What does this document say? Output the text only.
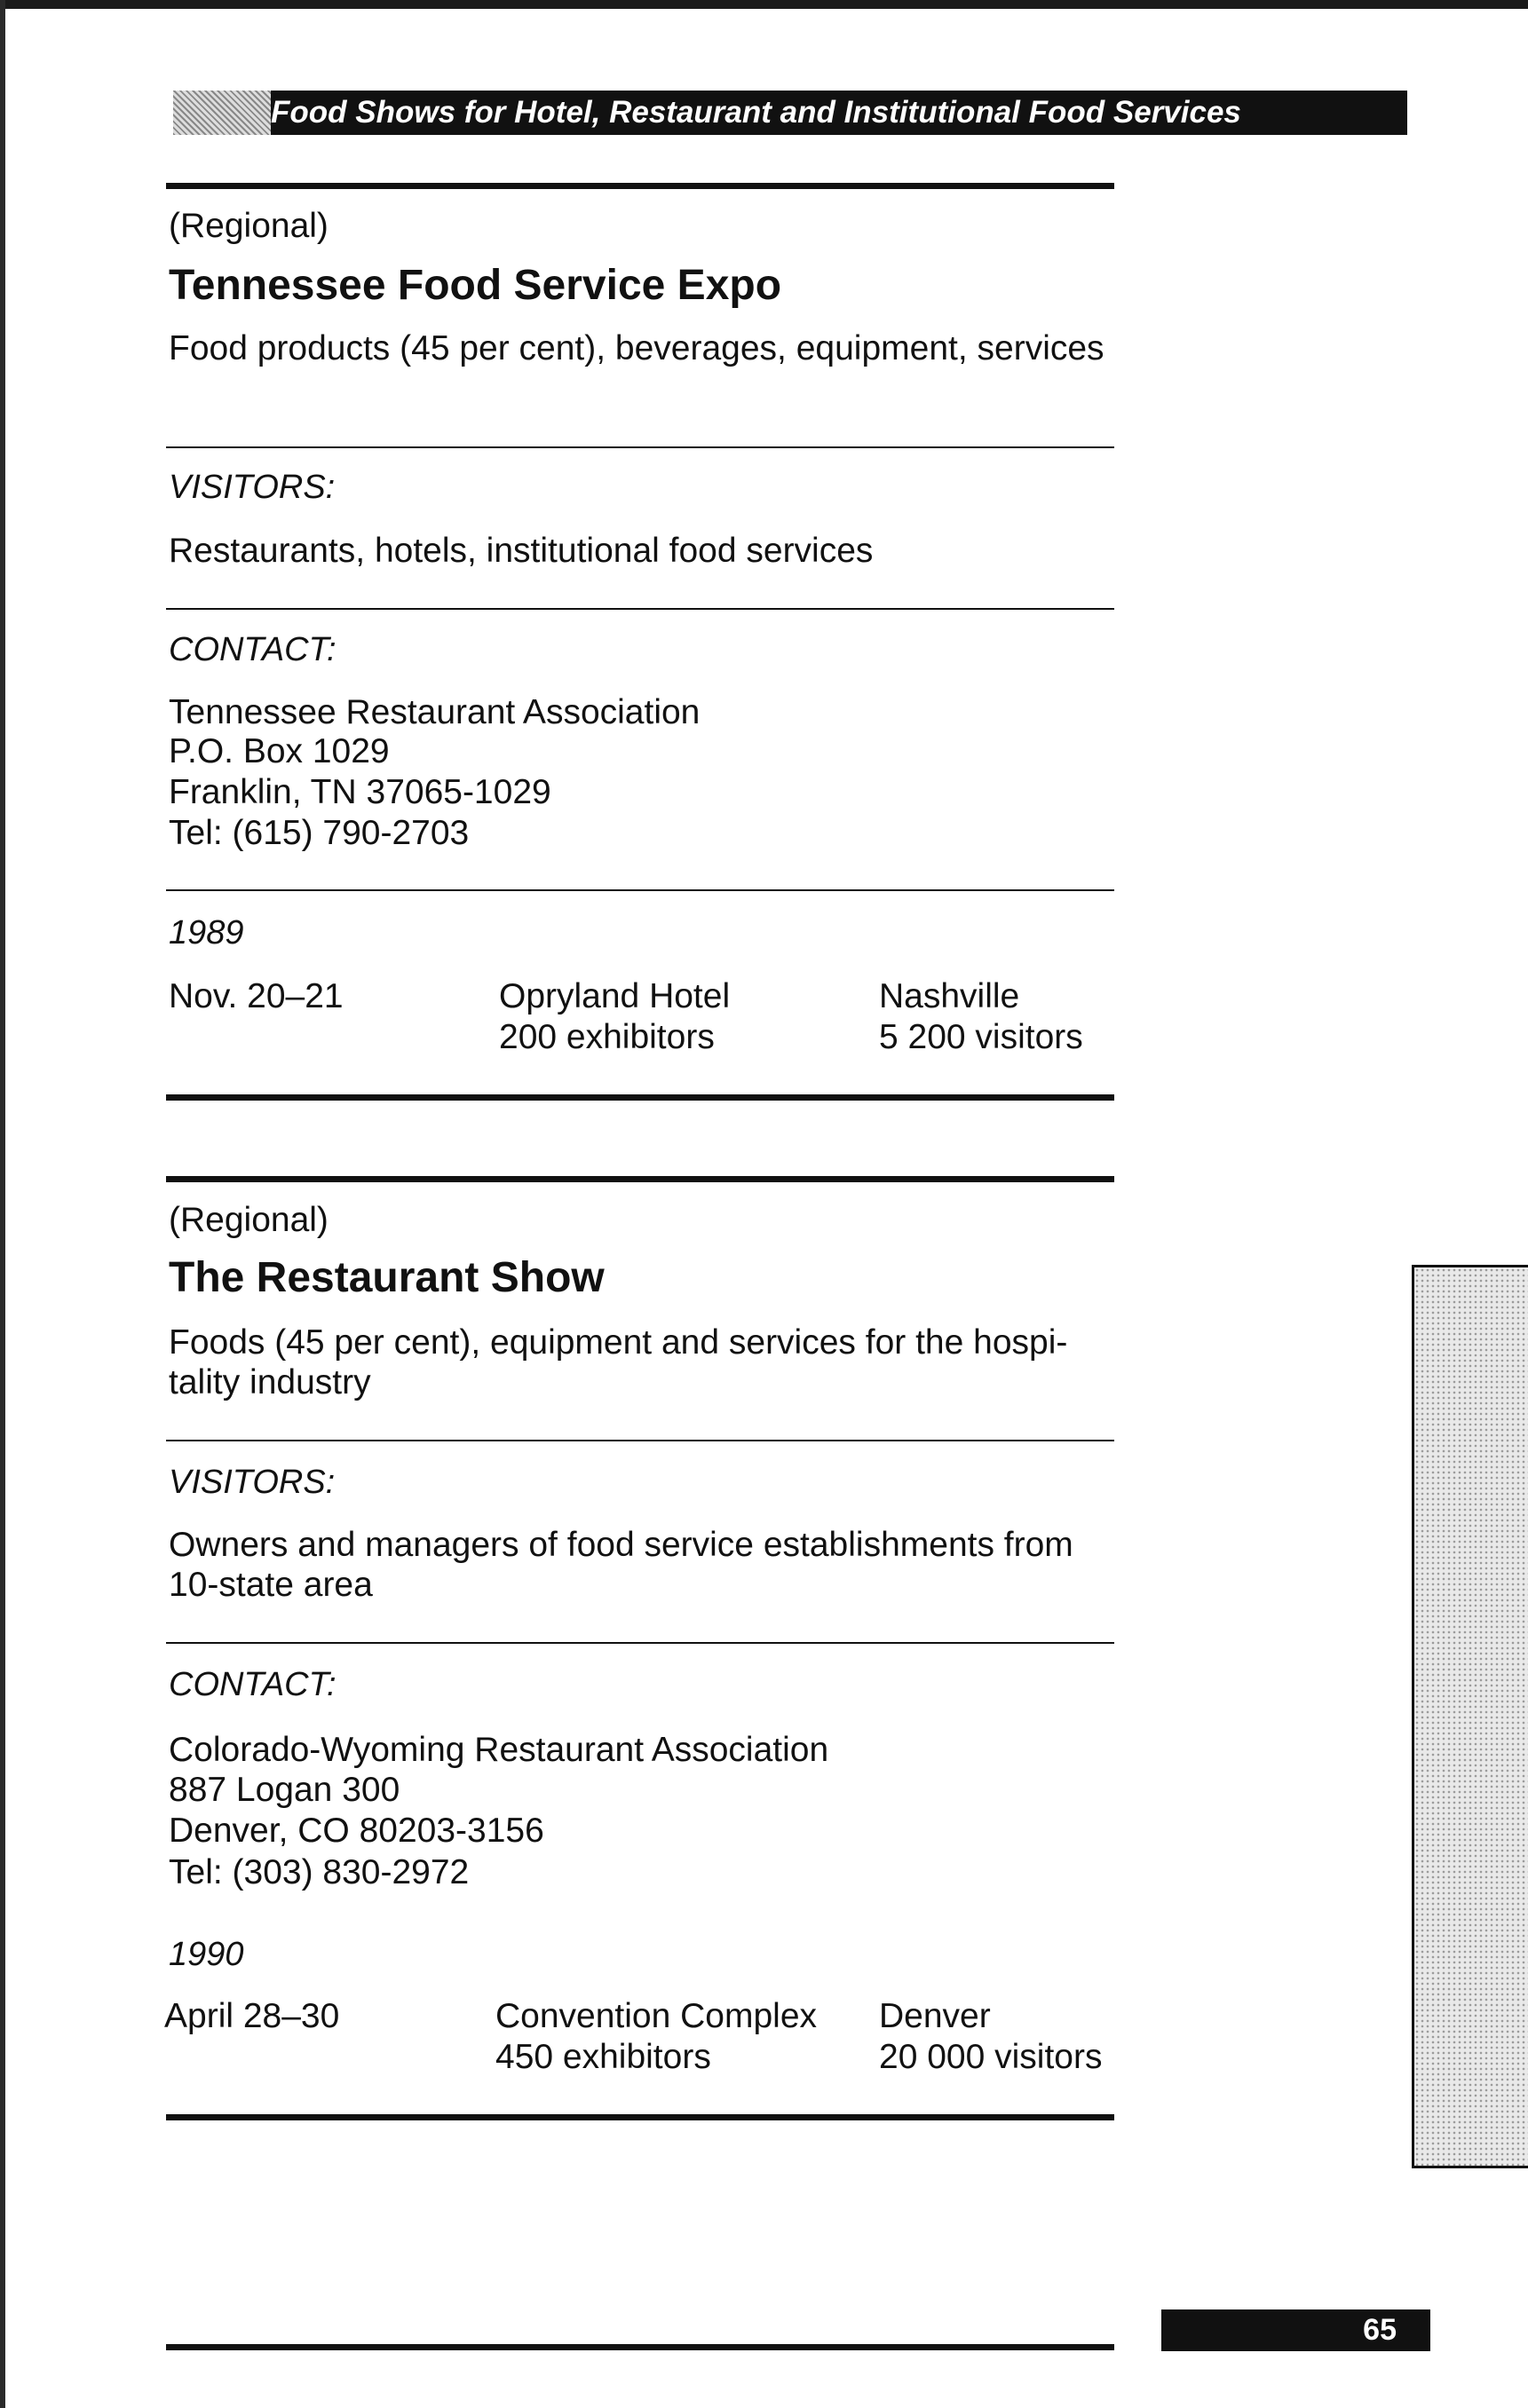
Food Shows for Hotel, Restaurant and Institutional Food Services

(Regional)

Tennessee Food Service Expo

Food products (45 per cent), beverages, equipment, services

VISITORS:

Restaurants, hotels, institutional food services

CONTACT:

Tennessee Restaurant Association

P.O. Box 1029

Franklin, TN 37065-1029

Tel: (615) 790-2703

1989

Nov. 20–21	Opryland Hotel

200 exhibitors

Nashville

5 200 visitors

(Regional)

The Restaurant Show

Foods (45 per cent), equipment and services for the hospi-

tality industry

VISITORS:

Owners and managers of food service establishments from

10-state area

CONTACT:

Colorado-Wyoming Restaurant Association

887 Logan 300

Denver, CO 80203-3156

Tel: (303) 830-2972

1990

April 28–30	Convention Complex

450 exhibitors

Denver

20 000 visitors

65
